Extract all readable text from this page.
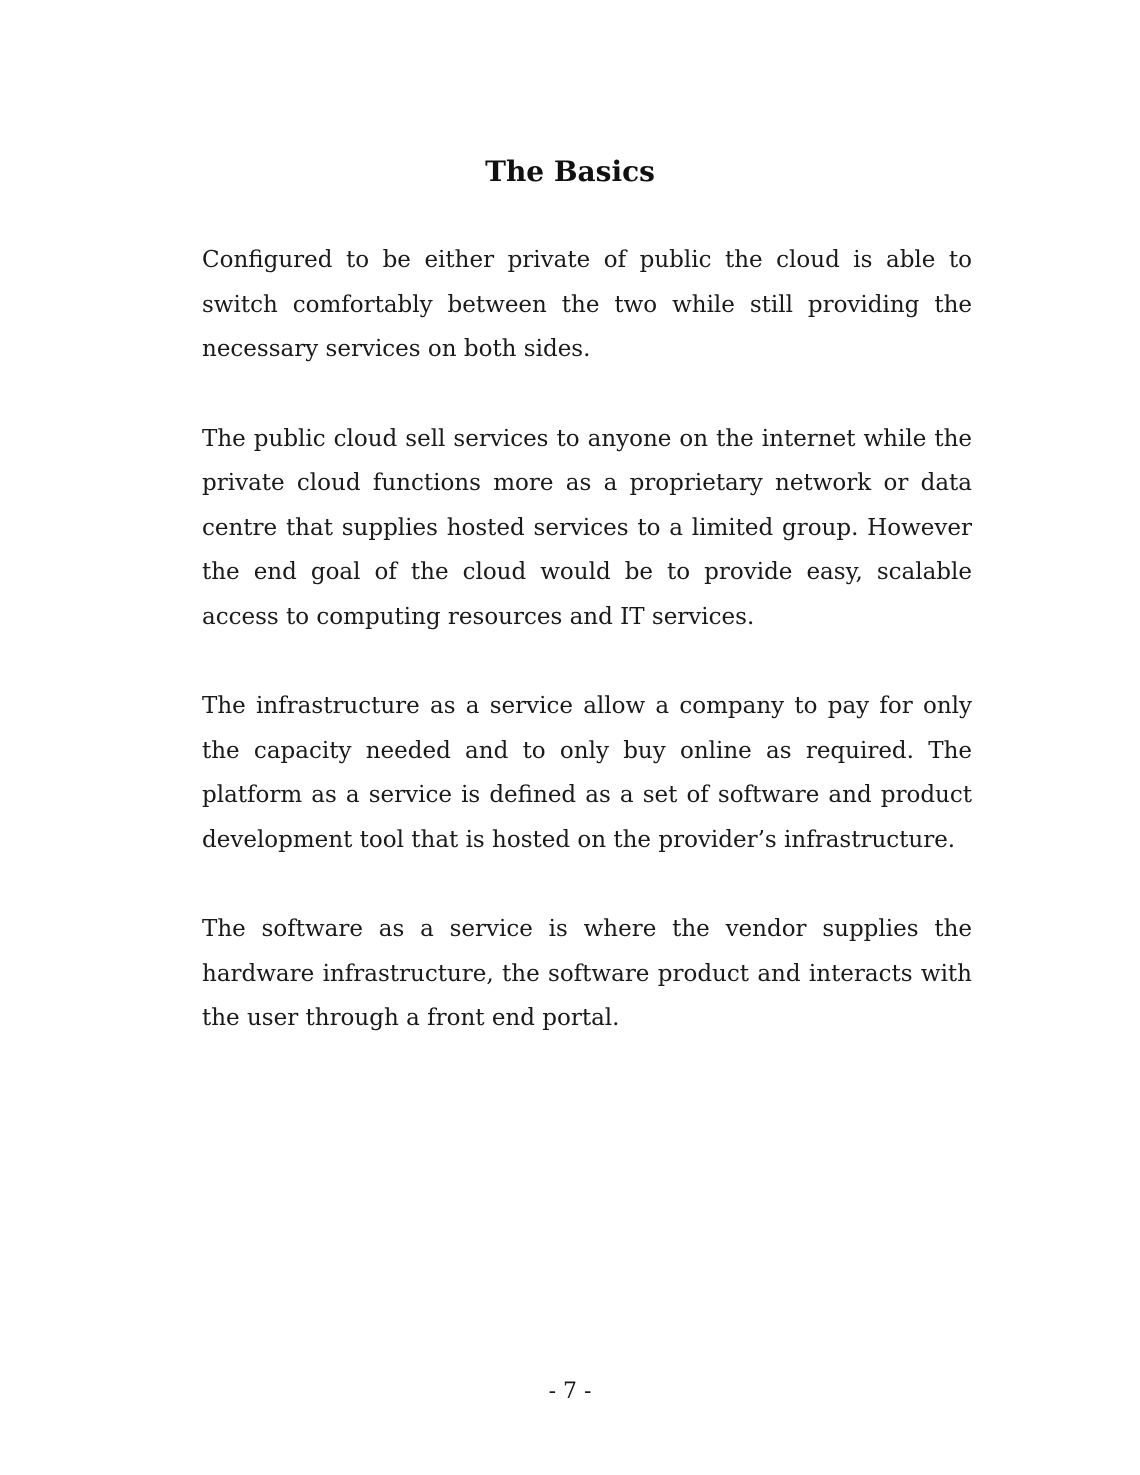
The Basics

Configured to be either private of public the cloud is able to switch comfortably between the two while still providing the necessary services on both sides.

The public cloud sell services to anyone on the internet while the private cloud functions more as a proprietary network or data centre that supplies hosted services to a limited group. However the end goal of the cloud would be to provide easy, scalable access to computing resources and IT services.

The infrastructure as a service allow a company to pay for only the capacity needed and to only buy online as required. The platform as a service is defined as a set of software and product development tool that is hosted on the provider’s infrastructure.

The software as a service is where the vendor supplies the hardware infrastructure, the software product and interacts with the user through a front end portal.

- 7 -
